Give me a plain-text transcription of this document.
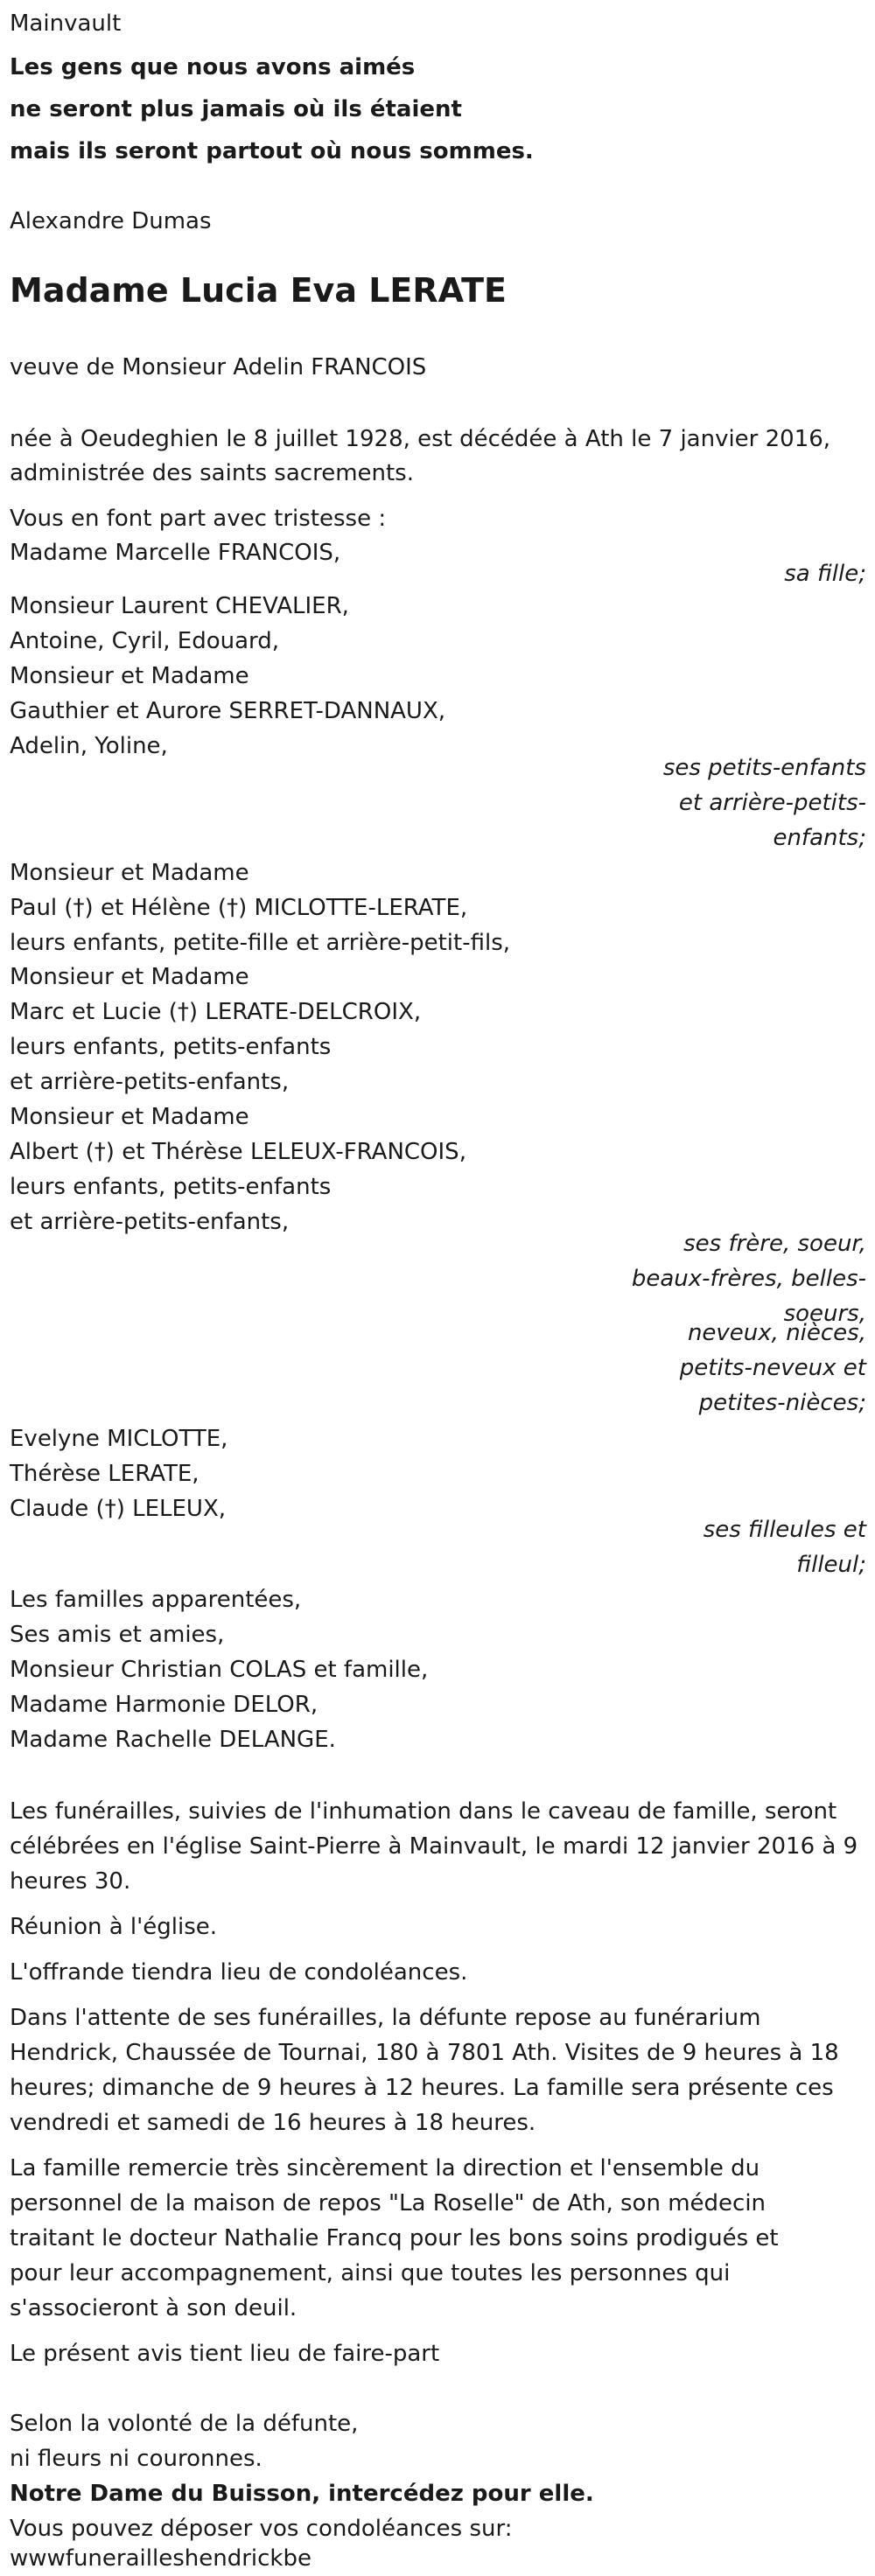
Mainvault
Les gens que nous avons aimés
ne seront plus jamais où ils étaient
mais ils seront partout où nous sommes.
Alexandre Dumas
Madame Lucia Eva LERATE
veuve de Monsieur Adelin FRANCOIS
née à Oeudeghien le 8 juillet 1928, est décédée à Ath le 7 janvier 2016,
administrée des saints sacrements.
Vous en font part avec tristesse :
Madame Marcelle FRANCOIS,
sa fille;
Monsieur Laurent CHEVALIER,
Antoine, Cyril, Edouard,
Monsieur et Madame
Gauthier et Aurore SERRET-DANNAUX,
Adelin, Yoline,
ses petits-enfants
et arrière-petits-
enfants;
Monsieur et Madame
Paul (†) et Hélène (†) MICLOTTE-LERATE,
leurs enfants, petite-fille et arrière-petit-fils,
Monsieur et Madame
Marc et Lucie (†) LERATE-DELCROIX,
leurs enfants, petits-enfants
et arrière-petits-enfants,
Monsieur et Madame
Albert (†) et Thérèse LELEUX-FRANCOIS,
leurs enfants, petits-enfants
et arrière-petits-enfants,
ses frère, soeur,
beaux-frères, belles-
soeurs,
neveux, nièces,
petits-neveux et
petites-nièces;
Evelyne MICLOTTE,
Thérèse LERATE,
Claude (†) LELEUX,
ses filleules et
filleul;
Les familles apparentées,
Ses amis et amies,
Monsieur Christian COLAS et famille,
Madame Harmonie DELOR,
Madame Rachelle DELANGE.
Les funérailles, suivies de l'inhumation dans le caveau de famille, seront
célébrées en l'église Saint-Pierre à Mainvault, le mardi 12 janvier 2016 à 9
heures 30.
Réunion à l'église.
L'offrande tiendra lieu de condoléances.
Dans l'attente de ses funérailles, la défunte repose au funérarium
Hendrick, Chaussée de Tournai, 180 à 7801 Ath. Visites de 9 heures à 18
heures; dimanche de 9 heures à 12 heures. La famille sera présente ces
vendredi et samedi de 16 heures à 18 heures.
La famille remercie très sincèrement la direction et l'ensemble du
personnel de la maison de repos "La Roselle" de Ath, son médecin
traitant le docteur Nathalie Francq pour les bons soins prodigués et
pour leur accompagnement, ainsi que toutes les personnes qui
s'associeront à son deuil.
Le présent avis tient lieu de faire-part
Selon la volonté de la défunte,
ni fleurs ni couronnes.
Notre Dame du Buisson, intercédez pour elle.
Vous pouvez déposer vos condoléances sur:
wwwfunerailleshendrickbe
